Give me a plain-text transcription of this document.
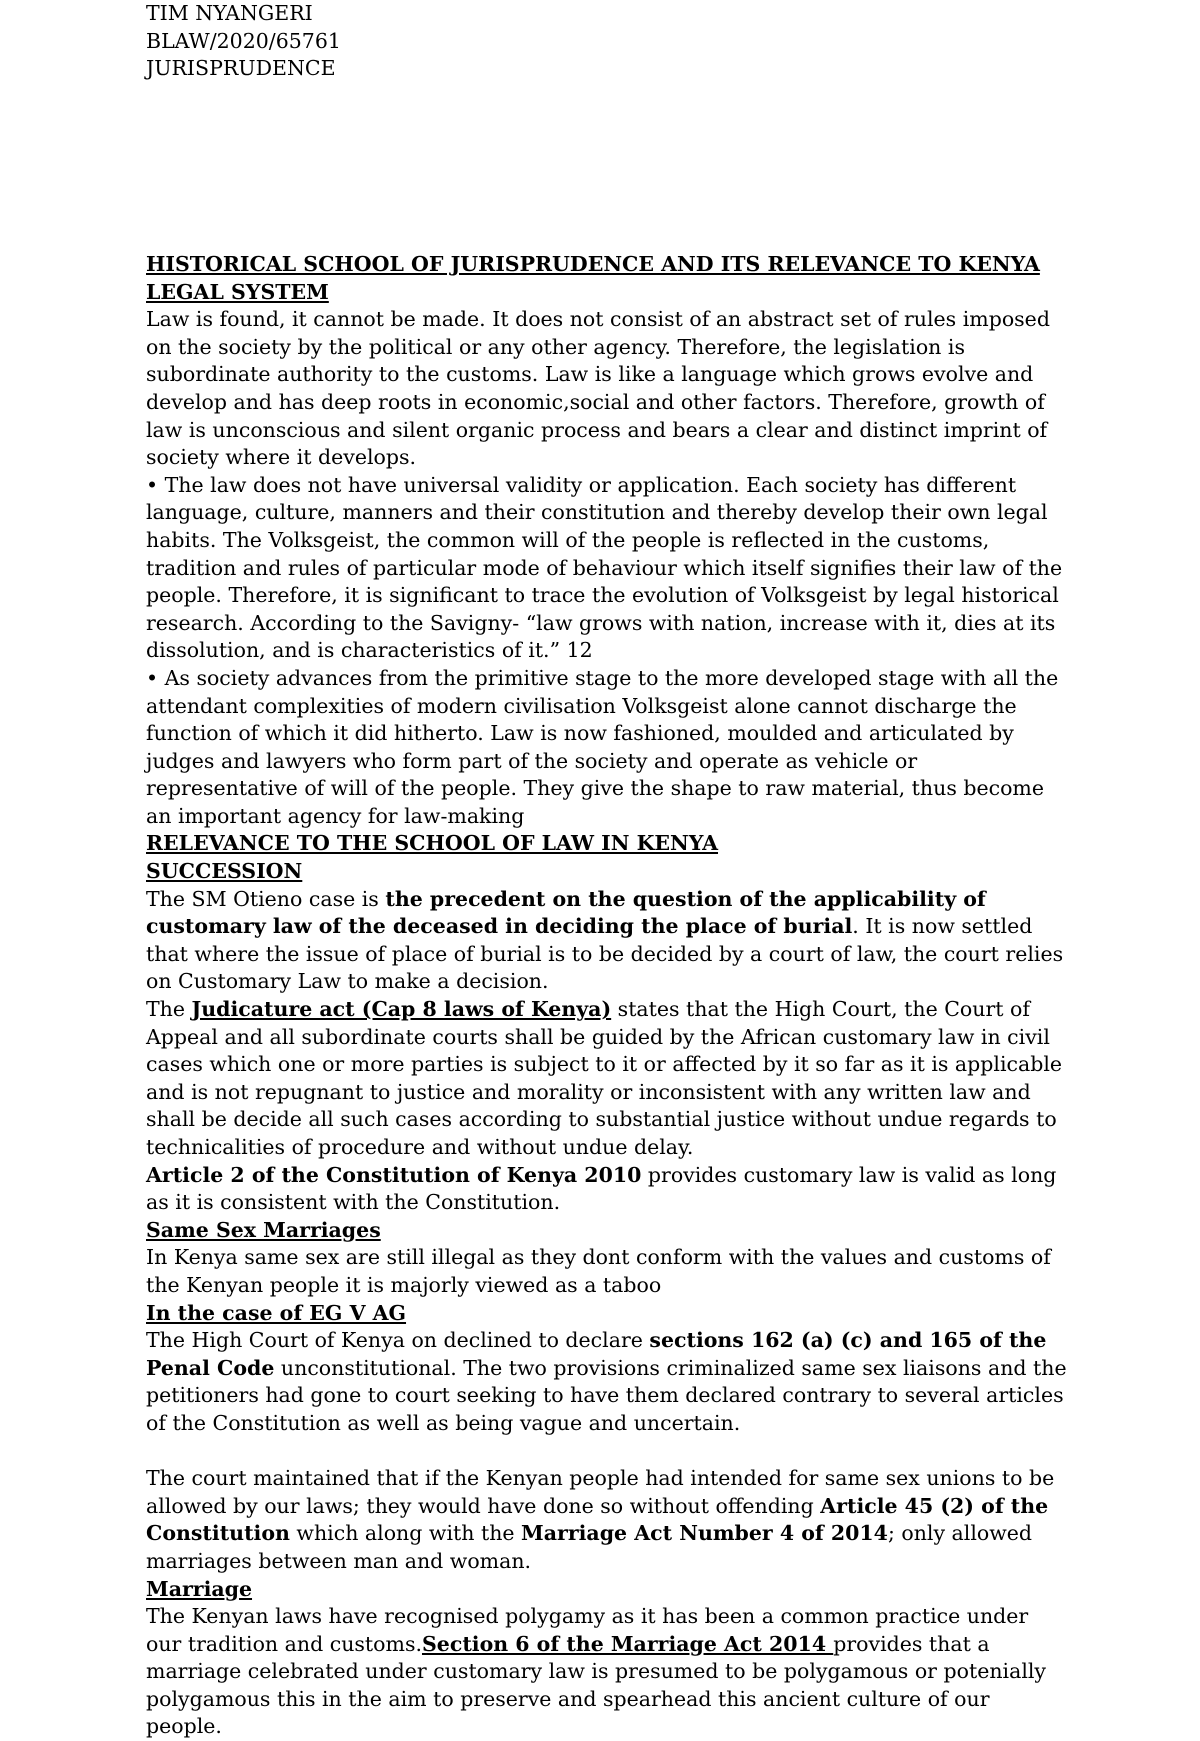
TIM NYANGERI
BLAW/2020/65761
JURISPRUDENCE

HISTORICAL SCHOOL OF JURISPRUDENCE AND ITS RELEVANCE TO KENYA LEGAL SYSTEM

Law is found, it cannot be made. It does not consist of an abstract set of rules imposed on the society by the political or any other agency. Therefore, the legislation is subordinate authority to the customs. Law is like a language which grows evolve and develop and has deep roots in economic,social and other factors. Therefore, growth of law is unconscious and silent organic process and bears a clear and distinct imprint of society where it develops.

• The law does not have universal validity or application. Each society has different language, culture, manners and their constitution and thereby develop their own legal habits. The Volksgeist, the common will of the people is reflected in the customs, tradition and rules of particular mode of behaviour which itself signifies their law of the people. Therefore, it is significant to trace the evolution of Volksgeist by legal historical research. According to the Savigny- “law grows with nation, increase with it, dies at its dissolution, and is characteristics of it.” 12

• As society advances from the primitive stage to the more developed stage with all the attendant complexities of modern civilisation Volksgeist alone cannot discharge the function of which it did hitherto. Law is now fashioned, moulded and articulated by judges and lawyers who form part of the society and operate as vehicle or representative of will of the people. They give the shape to raw material, thus become an important agency for law-making

RELEVANCE TO THE SCHOOL OF LAW IN KENYA

SUCCESSION

The SM Otieno case is the precedent on the question of the applicability of customary law of the deceased in deciding the place of burial. It is now settled that where the issue of place of burial is to be decided by a court of law, the court relies on Customary Law to make a decision.

The Judicature act (Cap 8 laws of Kenya) states that the High Court, the Court of Appeal and all subordinate courts shall be guided by the African customary law in civil cases which one or more parties is subject to it or affected by it so far as it is applicable and is not repugnant to justice and morality or inconsistent with any written law and shall be decide all such cases according to substantial justice without undue regards to technicalities of procedure and without undue delay.

Article 2 of the Constitution of Kenya 2010 provides customary law is valid as long as it is consistent with the Constitution.

Same Sex Marriages

In Kenya same sex are still illegal as they dont conform with the values and customs of the Kenyan people it is majorly viewed as a taboo

In the case of EG V AG

The High Court of Kenya on declined to declare sections 162 (a) (c) and 165 of the Penal Code unconstitutional. The two provisions criminalized same sex liaisons and the petitioners had gone to court seeking to have them declared contrary to several articles of the Constitution as well as being vague and uncertain.

The court maintained that if the Kenyan people had intended for same sex unions to be allowed by our laws; they would have done so without offending Article 45 (2) of the Constitution which along with the Marriage Act Number 4 of 2014; only allowed marriages between man and woman.

Marriage

The Kenyan laws have recognised polygamy as it has been a common practice under our tradition and customs.Section 6 of the Marriage Act 2014 provides that a marriage celebrated under customary law is presumed to be polygamous or potenially polygamous this in the aim to preserve and spearhead this ancient culture of our people.
